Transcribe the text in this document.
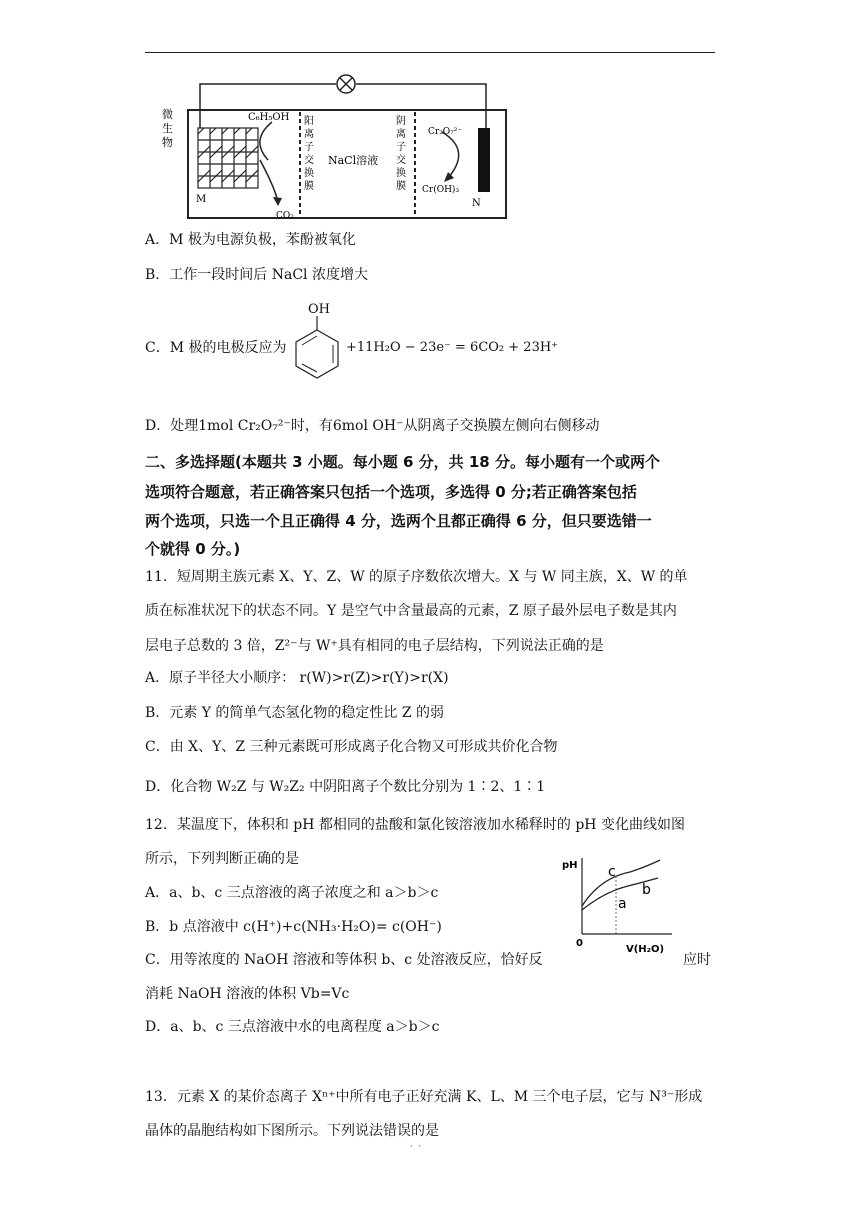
微
生
物
C₆H₅OH
M
CO₂
阳
离
子
交
换
膜
阴
离
子
交
换
膜
NaCl溶液
Cr₂O₇²⁻
Cr(OH)₃
N
A．M 极为电源负极，苯酚被氧化
B．工作一段时间后 NaCl 浓度增大
C．M 极的电极反应为
OH
+11H₂O − 23e⁻ = 6CO₂ + 23H⁺
D．处理1mol Cr₂O₇²⁻时，有6mol OH⁻从阴离子交换膜左侧向右侧移动
二、多选择题(本题共 3 小题。每小题 6 分，共 18 分。每小题有一个或两个
选项符合题意，若正确答案只包括一个选项，多选得 0 分;若正确答案包括
两个选项，只选一个且正确得 4 分，选两个且都正确得 6 分，但只要选错一
个就得 0 分。)
11．短周期主族元素 X、Y、Z、W 的原子序数依次增大。X 与 W 同主族，X、W 的单
质在标准状况下的状态不同。Y 是空气中含量最高的元素，Z 原子最外层电子数是其内
层电子总数的 3 倍，Z²⁻与 W⁺具有相同的电子层结构，下列说法正确的是
A．原子半径大小顺序： r(W)>r(Z)>r(Y)>r(X)
B．元素 Y 的简单气态氢化物的稳定性比 Z 的弱
C．由 X、Y、Z 三种元素既可形成离子化合物又可形成共价化合物
D．化合物 W₂Z 与 W₂Z₂ 中阴阳离子个数比分别为 1∶2、1∶1
12．某温度下，体积和 pH 都相同的盐酸和氯化铵溶液加水稀释时的 pH 变化曲线如图
所示，下列判断正确的是
A．a、b、c 三点溶液的离子浓度之和 a＞b＞c
B．b 点溶液中 c(H⁺)+c(NH₃·H₂O)= c(OH⁻)
C．用等浓度的 NaOH 溶液和等体积 b、c 处溶液反应，恰好反	应时
消耗 NaOH 溶液的体积 Vb=Vc
D．a、b、c 三点溶液中水的电离程度 a＞b＞c
pH c
a
b
0
V(H₂O)
13．元素 X 的某价态离子 Xⁿ⁺中所有电子正好充满 K、L、M 三个电子层，它与 N³⁻形成
晶体的晶胞结构如下图所示。下列说法错误的是
··
